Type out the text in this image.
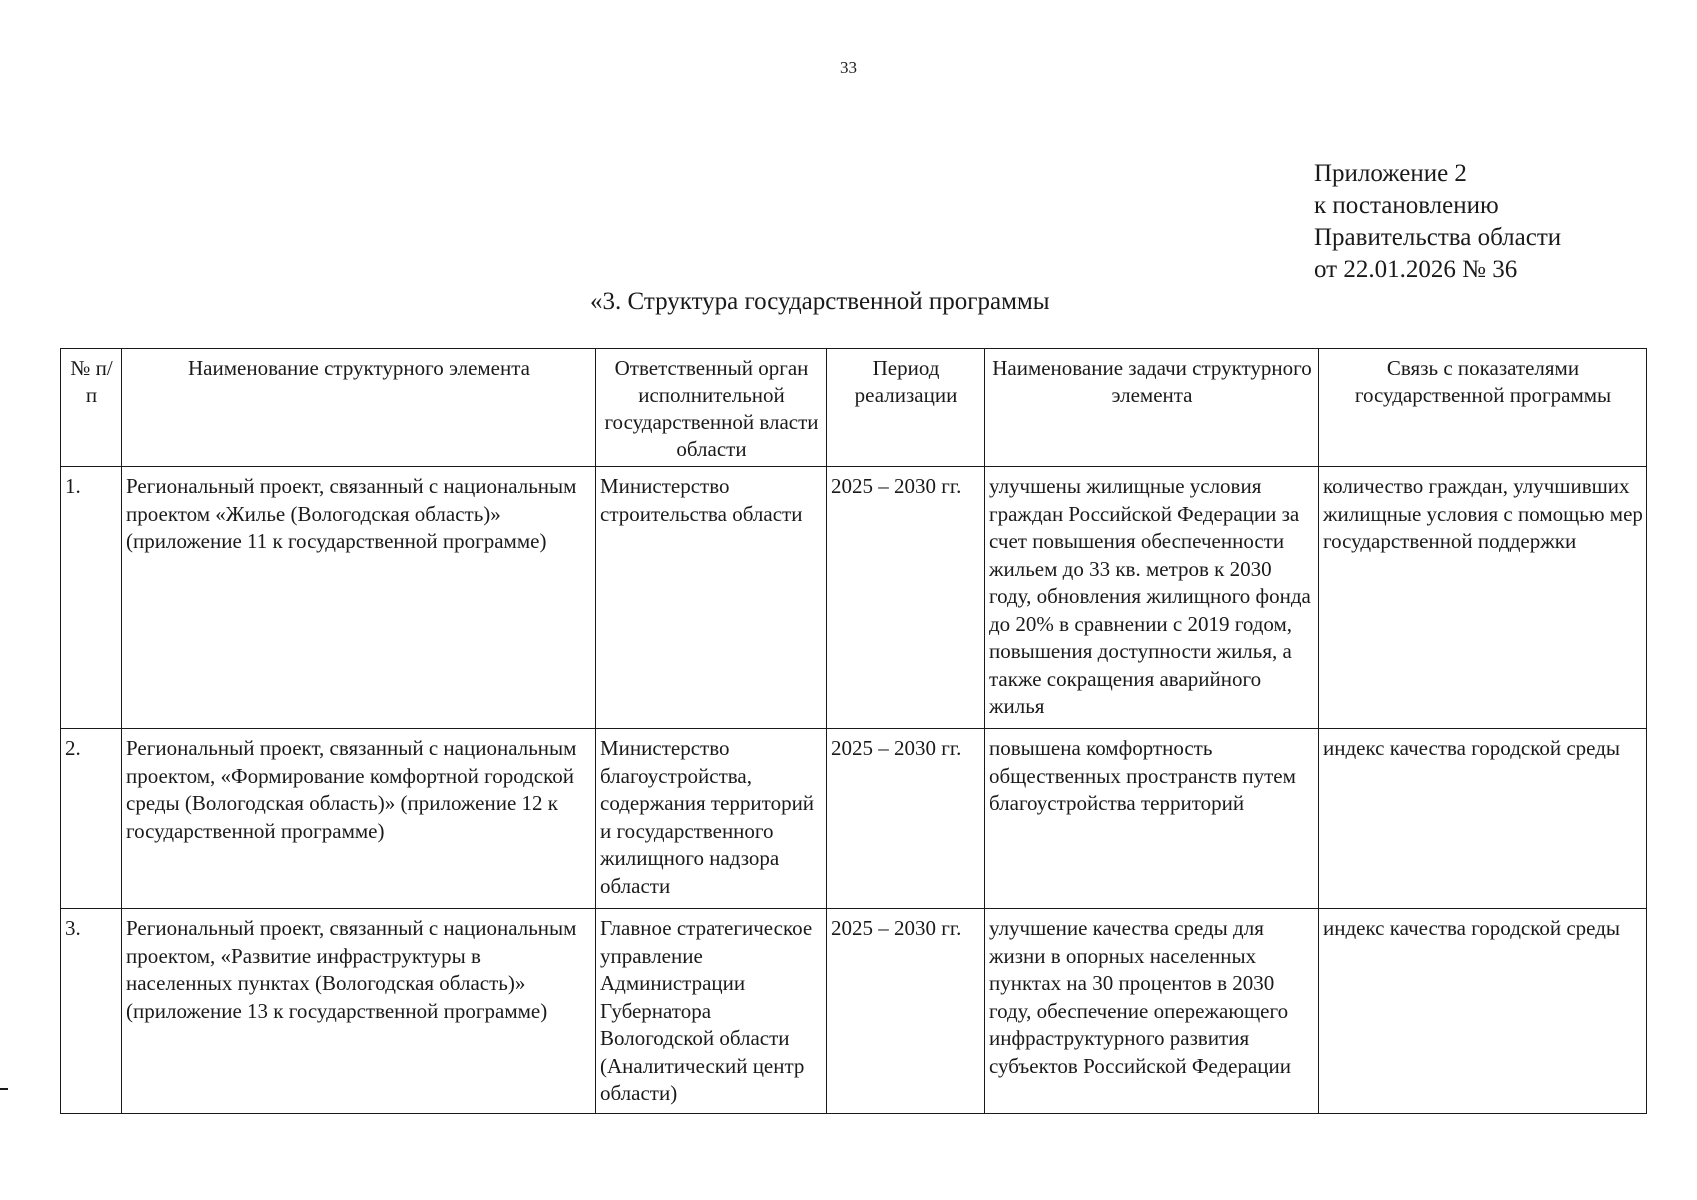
33
Приложение 2
к постановлению
Правительства области
от 22.01.2026 № 36
«3. Структура государственной программы
№ п/п	Наименование структурного элемента	Ответственный орган исполнительной государственной власти области	Период реализации	Наименование задачи структурного элемента	Связь с показателями государственной программы
1.	Региональный проект, связанный с национальным проектом «Жилье (Вологодская область)» (приложение 11 к государственной программе)	Министерство строительства области	2025 – 2030 гг.	улучшены жилищные условия граждан Российской Федерации за счет повышения обеспеченности жильем до 33 кв. метров к 2030 году, обновления жилищного фонда до 20% в сравнении с 2019 годом, повышения доступности жилья, а также сокращения аварийного жилья	количество граждан, улучшивших жилищные условия с помощью мер государственной поддержки
2.	Региональный проект, связанный с национальным проектом, «Формирование комфортной городской среды (Вологодская область)» (приложение 12 к государственной программе)	Министерство благоустройства, содержания территорий и государственного жилищного надзора области	2025 – 2030 гг.	повышена комфортность общественных пространств путем благоустройства территорий	индекс качества городской среды
3.	Региональный проект, связанный с национальным проектом, «Развитие инфраструктуры в населенных пунктах (Вологодская область)» (приложение 13 к государственной программе)	Главное стратегическое управление Администрации Губернатора Вологодской области (Аналитический центр области)	2025 – 2030 гг.	улучшение качества среды для жизни в опорных населенных пунктах на 30 процентов в 2030 году, обеспечение опережающего инфраструктурного развития субъектов Российской Федерации	индекс качества городской среды
